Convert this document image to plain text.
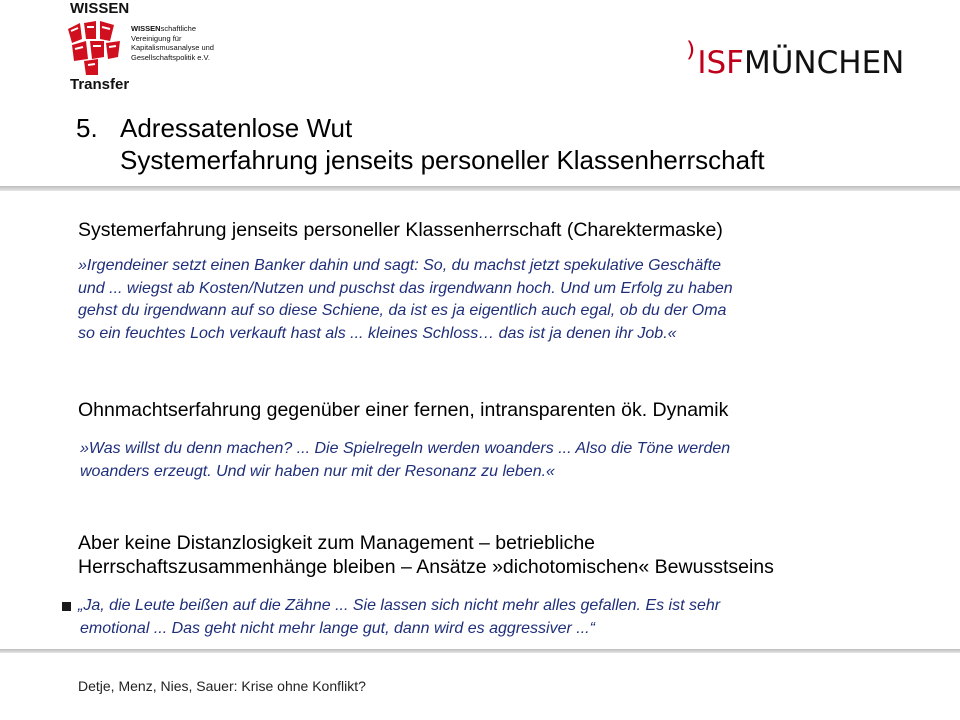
WISSEN
WISSENschaftliche
Vereinigung für
Kapitalismusanalyse und
Gesellschaftspolitik e.V.
Transfer
⁾ ISFMÜNCHEN
5. Adressatenlose Wut
Systemerfahrung jenseits personeller Klassenherrschaft
Systemerfahrung jenseits personeller Klassenherrschaft (Charektermaske)
»Irgendeiner setzt einen Banker dahin und sagt: So, du machst jetzt spekulative Geschäfte
und ... wiegst ab Kosten/Nutzen und puschst das irgendwann hoch. Und um Erfolg zu haben
gehst du irgendwann auf so diese Schiene, da ist es ja eigentlich auch egal, ob du der Oma
so ein feuchtes Loch verkauft hast als ... kleines Schloss… das ist ja denen ihr Job.«
Ohnmachtserfahrung gegenüber einer fernen, intransparenten ök. Dynamik
»Was willst du denn machen? ... Die Spielregeln werden woanders ... Also die Töne werden
woanders erzeugt. Und wir haben nur mit der Resonanz zu leben.«
Aber keine Distanzlosigkeit zum Management – betriebliche
Herrschaftszusammenhänge bleiben – Ansätze »dichotomischen« Bewusstseins
„Ja, die Leute beißen auf die Zähne ... Sie lassen sich nicht mehr alles gefallen. Es ist sehr
emotional ... Das geht nicht mehr lange gut, dann wird es aggressiver ...“
Detje, Menz, Nies, Sauer: Krise ohne Konflikt?
